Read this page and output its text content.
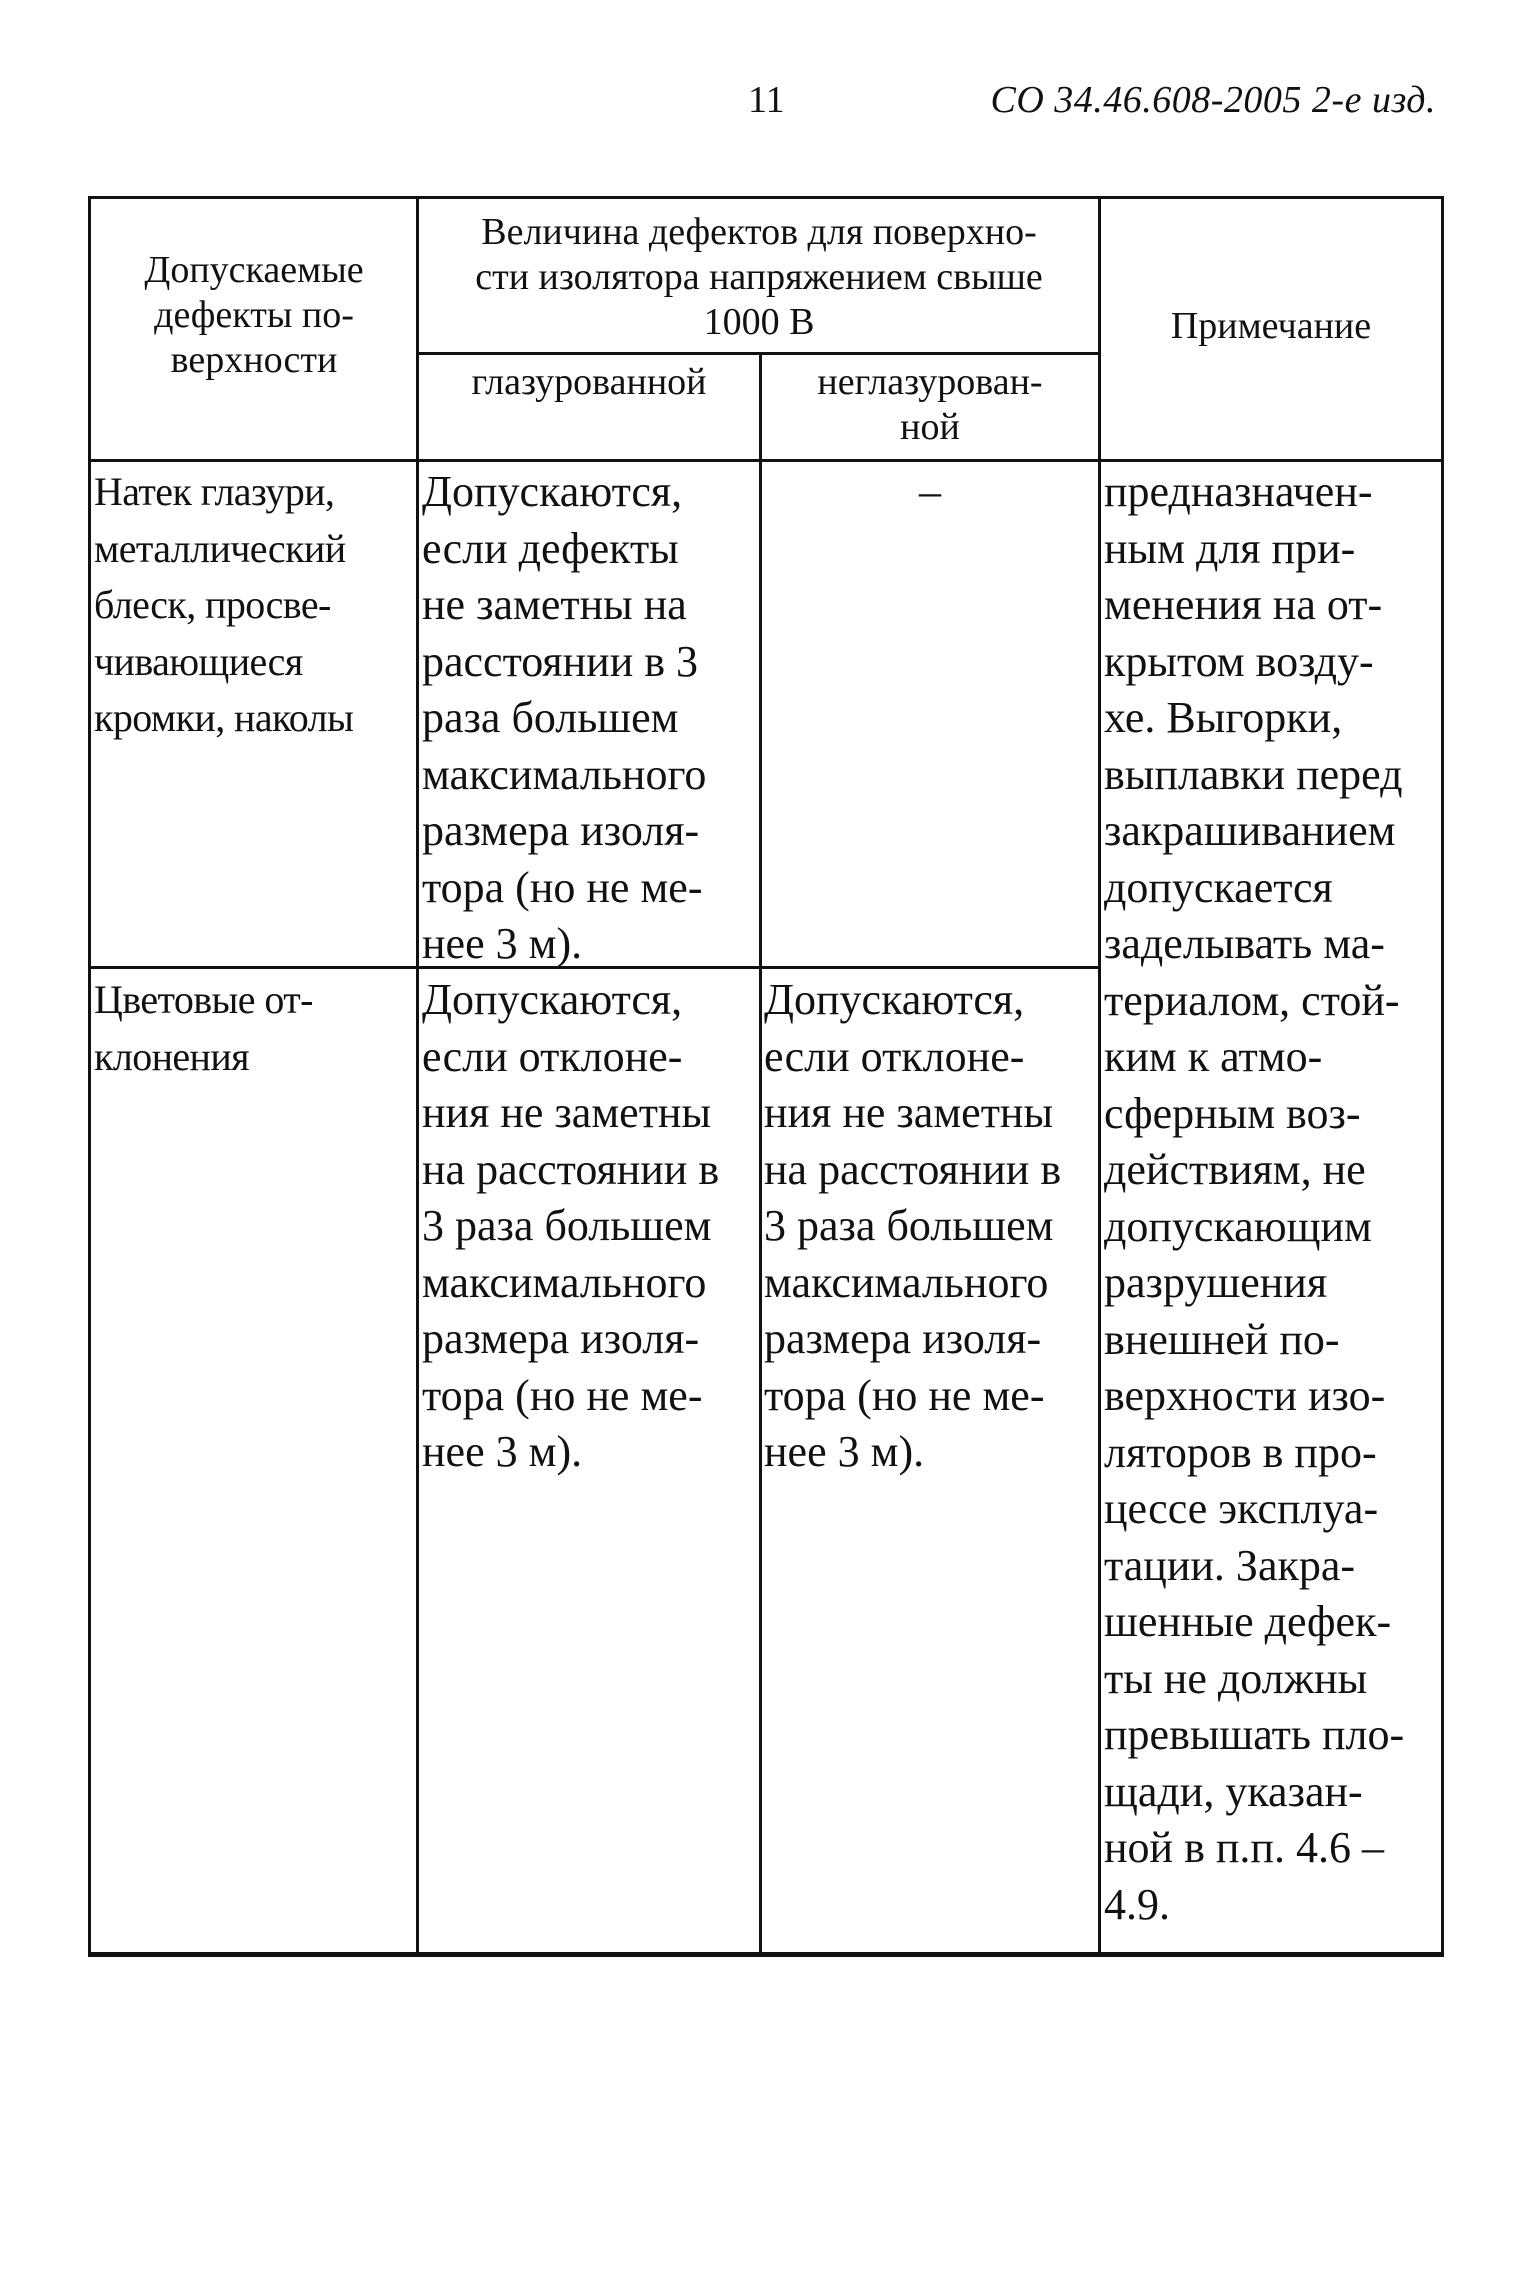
11	СО 34.46.608-2005 2-е изд.
Допускаемые
дефекты по-
верхности
Величина дефектов для поверхно-
сти изолятора напряжением свыше
1000 В
глазурованной	неглазурован-
ной
Примечание
Натек глазури,
металлический
блеск, просве-
чивающиеся
кромки, наколы
Допускаются,
если дефекты
не заметны на
расстоянии в 3
раза большем
максимального
размера изоля-
тора (но не ме-
нее 3 м).
–
Цветовые от-
клонения
Допускаются,
если отклоне-
ния не заметны
на расстоянии в
3 раза большем
максимального
размера изоля-
тора (но не ме-
нее 3 м).
Допускаются,
если отклоне-
ния не заметны
на расстоянии в
3 раза большем
максимального
размера изоля-
тора (но не ме-
нее 3 м).
предназначен-
ным для при-
менения на от-
крытом возду-
хе. Выгорки,
выплавки перед
закрашиванием
допускается
заделывать ма-
териалом, стой-
ким к атмо-
сферным воз-
действиям, не
допускающим
разрушения
внешней по-
верхности изо-
ляторов в про-
цессе эксплуа-
тации. Закра-
шенные дефек-
ты не должны
превышать пло-
щади, указан-
ной в п.п. 4.6 –
4.9.
